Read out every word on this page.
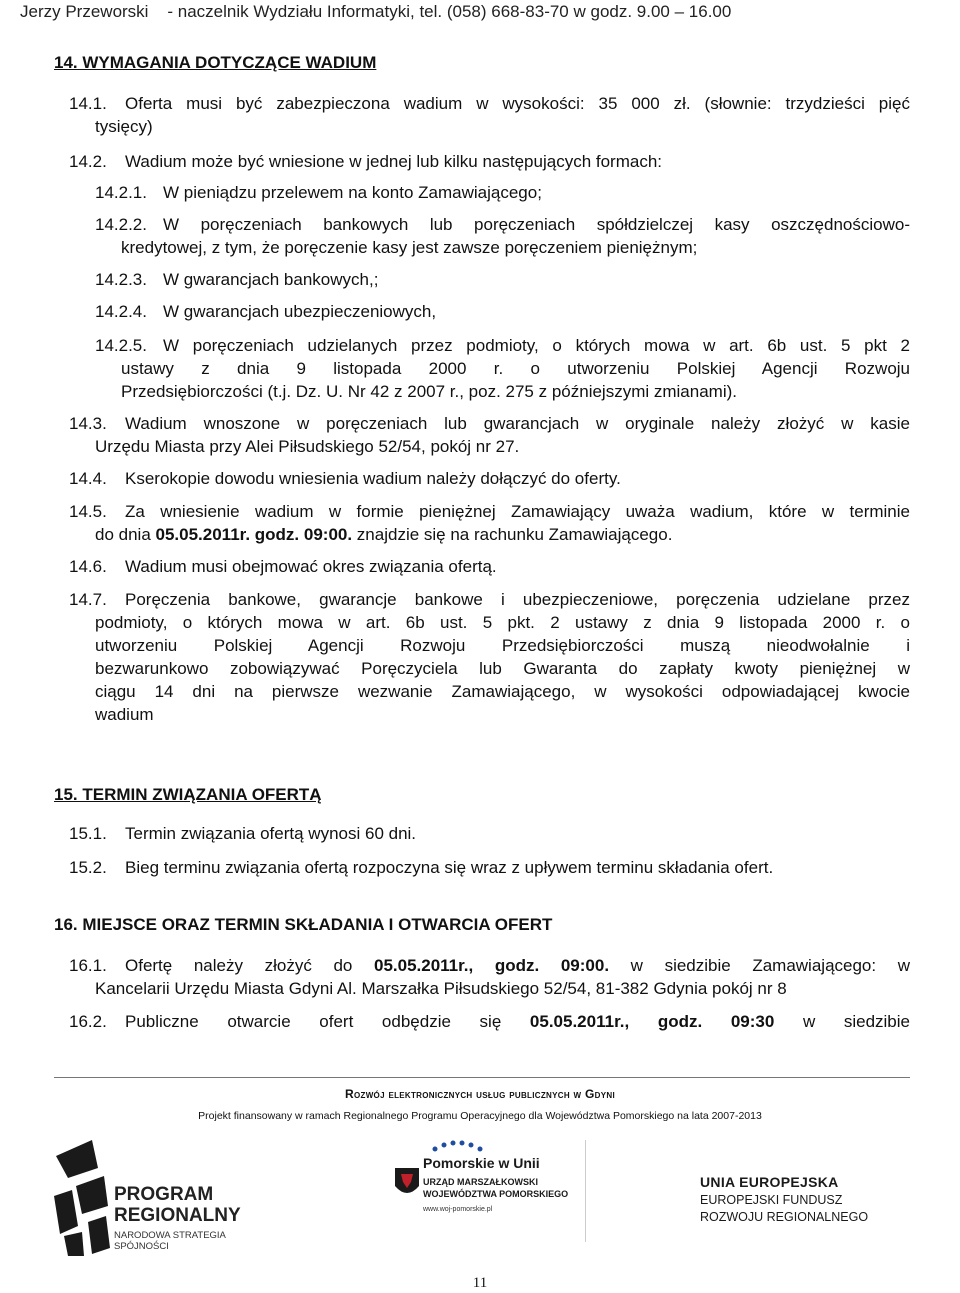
Jerzy Przeworski    - naczelnik Wydziału Informatyki, tel. (058) 668-83-70 w godz. 9.00 – 16.00
14. WYMAGANIA DOTYCZĄCE WADIUM
14.1. Oferta musi być zabezpieczona wadium w wysokości: 35 000 zł. (słownie: trzydzieści pięć
tysięcy)
14.2. Wadium może być wniesione w jednej lub kilku następujących formach:
14.2.1. W pieniądzu przelewem na konto Zamawiającego;
14.2.2. W poręczeniach bankowych lub poręczeniach spółdzielczej kasy oszczędnościowo-
kredytowej, z tym, że poręczenie kasy jest zawsze poręczeniem pieniężnym;
14.2.3. W gwarancjach bankowych,;
14.2.4. W gwarancjach ubezpieczeniowych,
14.2.5. W poręczeniach udzielanych przez podmioty, o których mowa w art. 6b ust. 5 pkt 2
ustawy z dnia 9 listopada 2000 r. o utworzeniu Polskiej Agencji Rozwoju
Przedsiębiorczości (t.j. Dz. U. Nr 42 z 2007 r., poz. 275 z późniejszymi zmianami).
14.3. Wadium wnoszone w poręczeniach lub gwarancjach w oryginale należy złożyć w kasie
Urzędu Miasta przy Alei Piłsudskiego 52/54, pokój nr 27.
14.4. Kserokopie dowodu wniesienia wadium należy dołączyć do oferty.
14.5. Za wniesienie wadium w formie pieniężnej Zamawiający uważa wadium, które w terminie
do dnia 05.05.2011r. godz. 09:00. znajdzie się na rachunku Zamawiającego.
14.6. Wadium musi obejmować okres związania ofertą.
14.7. Poręczenia bankowe, gwarancje bankowe i ubezpieczeniowe, poręczenia udzielane przez
podmioty, o których mowa w art. 6b ust. 5 pkt. 2 ustawy z dnia 9 listopada 2000 r. o
utworzeniu Polskiej Agencji Rozwoju Przedsiębiorczości muszą nieodwołalnie i
bezwarunkowo zobowiązywać Poręczyciela lub Gwaranta do zapłaty kwoty pieniężnej w
ciągu 14 dni na pierwsze wezwanie Zamawiającego, w wysokości odpowiadającej kwocie
wadium
15. TERMIN ZWIĄZANIA OFERTĄ
15.1. Termin związania ofertą wynosi 60 dni.
15.2. Bieg terminu związania ofertą rozpoczyna się wraz z upływem terminu składania ofert.
16. MIEJSCE ORAZ TERMIN SKŁADANIA I OTWARCIA OFERT
16.1. Ofertę należy złożyć do 05.05.2011r., godz. 09:00. w siedzibie Zamawiającego: w
Kancelarii Urzędu Miasta Gdyni Al. Marszałka Piłsudskiego 52/54, 81-382 Gdynia pokój nr 8
16.2. Publiczne otwarcie ofert odbędzie się 05.05.2011r., godz. 09:30 w siedzibie
Rozwój elektronicznych usług publicznych w Gdyni
Projekt finansowany w ramach Regionalnego Programu Operacyjnego dla Województwa Pomorskiego na lata 2007-2013
PROGRAM
REGIONALNY
NARODOWA STRATEGIA SPÓJNOŚCI
Pomorskie w Unii
URZĄD MARSZAŁKOWSKI
WOJEWÓDZTWA POMORSKIEGO
www.woj-pomorskie.pl
UNIA EUROPEJSKA
EUROPEJSKI FUNDUSZ
ROZWOJU REGIONALNEGO
11
